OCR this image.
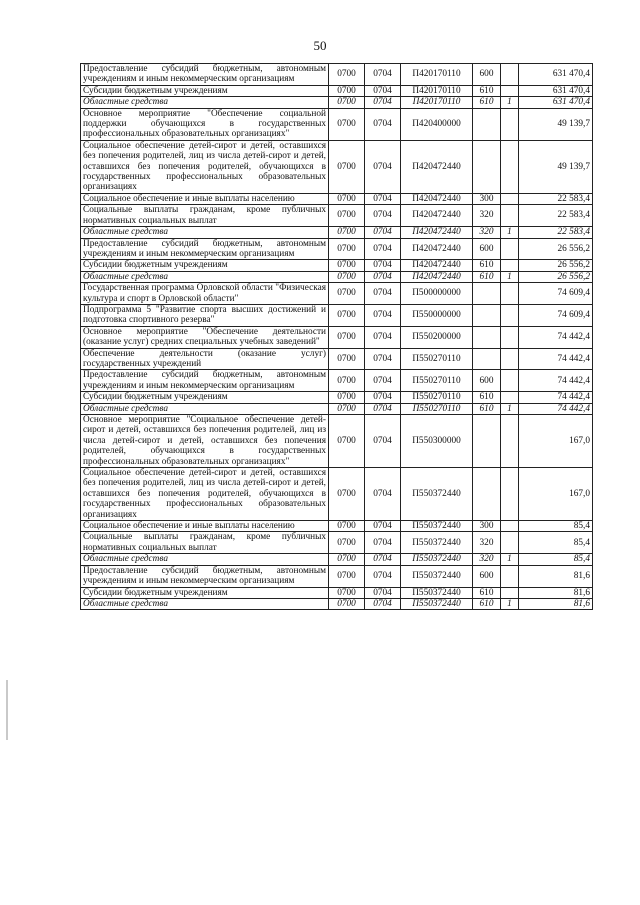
50
Предоставление субсидий бюджетным, автономным учреждениям и иным некоммерческим организациям	0700	0704	П420170110	600		631 470,4
Субсидии бюджетным учреждениям	0700	0704	П420170110	610		631 470,4
Областные средства	0700	0704	П420170110	610	1	631 470,4
Основное мероприятие "Обеспечение социальной поддержки обучающихся в государственных профессиональных образовательных организациях"	0700	0704	П420400000			49 139,7
Социальное обеспечение детей-сирот и детей, оставшихся без попечения родителей, лиц из числа детей-сирот и детей, оставшихся без попечения родителей, обучающихся в государственных профессиональных образовательных организациях	0700	0704	П420472440			49 139,7
Социальное обеспечение и иные выплаты населению	0700	0704	П420472440	300		22 583,4
Социальные выплаты гражданам, кроме публичных нормативных социальных выплат	0700	0704	П420472440	320		22 583,4
Областные средства	0700	0704	П420472440	320	1	22 583,4
Предоставление субсидий бюджетным, автономным учреждениям и иным некоммерческим организациям	0700	0704	П420472440	600		26 556,2
Субсидии бюджетным учреждениям	0700	0704	П420472440	610		26 556,2
Областные средства	0700	0704	П420472440	610	1	26 556,2
Государственная программа Орловской области "Физическая культура и спорт в Орловской области"	0700	0704	П500000000			74 609,4
Подпрограмма 5 "Развитие спорта высших достижений и подготовка спортивного резерва"	0700	0704	П550000000			74 609,4
Основное мероприятие "Обеспечение деятельности (оказание услуг) средних специальных учебных заведений"	0700	0704	П550200000			74 442,4
Обеспечение деятельности (оказание услуг) государственных учреждений	0700	0704	П550270110			74 442,4
Предоставление субсидий бюджетным, автономным учреждениям и иным некоммерческим организациям	0700	0704	П550270110	600		74 442,4
Субсидии бюджетным учреждениям	0700	0704	П550270110	610		74 442,4
Областные средства	0700	0704	П550270110	610	1	74 442,4
Основное мероприятие "Социальное обеспечение детей-сирот и детей, оставшихся без попечения родителей, лиц из числа детей-сирот и детей, оставшихся без попечения родителей, обучающихся в государственных профессиональных образовательных организациях"	0700	0704	П550300000			167,0
Социальное обеспечение детей-сирот и детей, оставшихся без попечения родителей, лиц из числа детей-сирот и детей, оставшихся без попечения родителей, обучающихся в государственных профессиональных образовательных организациях	0700	0704	П550372440			167,0
Социальное обеспечение и иные выплаты населению	0700	0704	П550372440	300		85,4
Социальные выплаты гражданам, кроме публичных нормативных социальных выплат	0700	0704	П550372440	320		85,4
Областные средства	0700	0704	П550372440	320	1	85,4
Предоставление субсидий бюджетным, автономным учреждениям и иным некоммерческим организациям	0700	0704	П550372440	600		81,6
Субсидии бюджетным учреждениям	0700	0704	П550372440	610		81,6
Областные средства	0700	0704	П550372440	610	1	81,6
